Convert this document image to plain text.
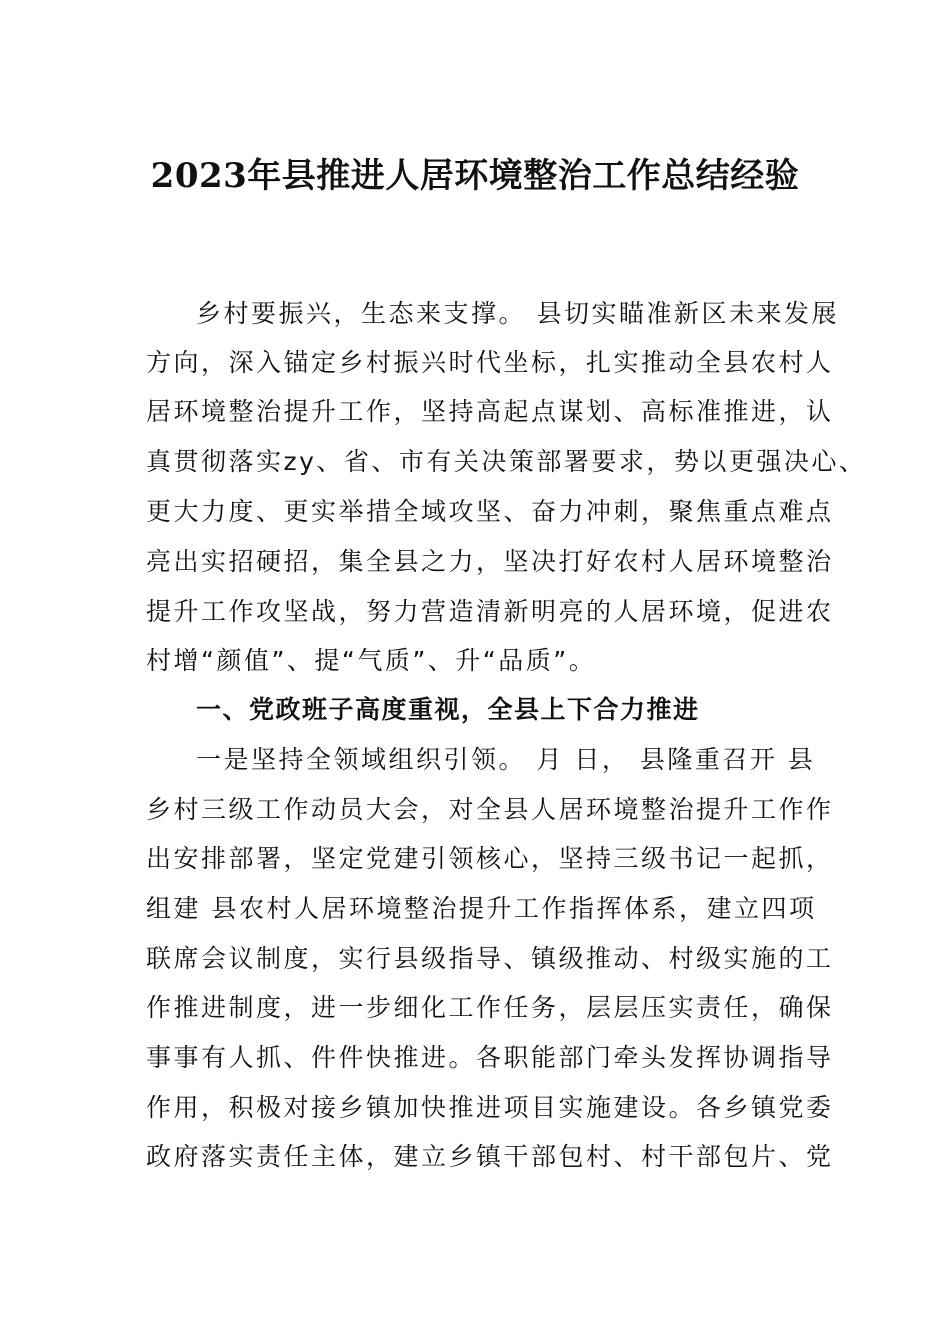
2023年县推进人居环境整治工作总结经验
乡村要振兴，生态来支撑。 县切实瞄准新区未来发展
方向，深入锚定乡村振兴时代坐标，扎实推动全县农村人
居环境整治提升工作，坚持高起点谋划、高标准推进，认
真贯彻落实zy、省、市有关决策部署要求，势以更强决心、
更大力度、更实举措全域攻坚、奋力冲刺，聚焦重点难点
亮出实招硬招，集全县之力，坚决打好农村人居环境整治
提升工作攻坚战，努力营造清新明亮的人居环境，促进农
村增“颜值”、提“气质”、升“品质”。
一、党政班子高度重视，全县上下合力推进
一是坚持全领域组织引领。 月 日， 县隆重召开 县
乡村三级工作动员大会，对全县人居环境整治提升工作作
出安排部署，坚定党建引领核心，坚持三级书记一起抓，
组建 县农村人居环境整治提升工作指挥体系，建立四项
联席会议制度，实行县级指导、镇级推动、村级实施的工
作推进制度，进一步细化工作任务，层层压实责任，确保
事事有人抓、件件快推进。各职能部门牵头发挥协调指导
作用，积极对接乡镇加快推进项目实施建设。各乡镇党委
政府落实责任主体，建立乡镇干部包村、村干部包片、党
